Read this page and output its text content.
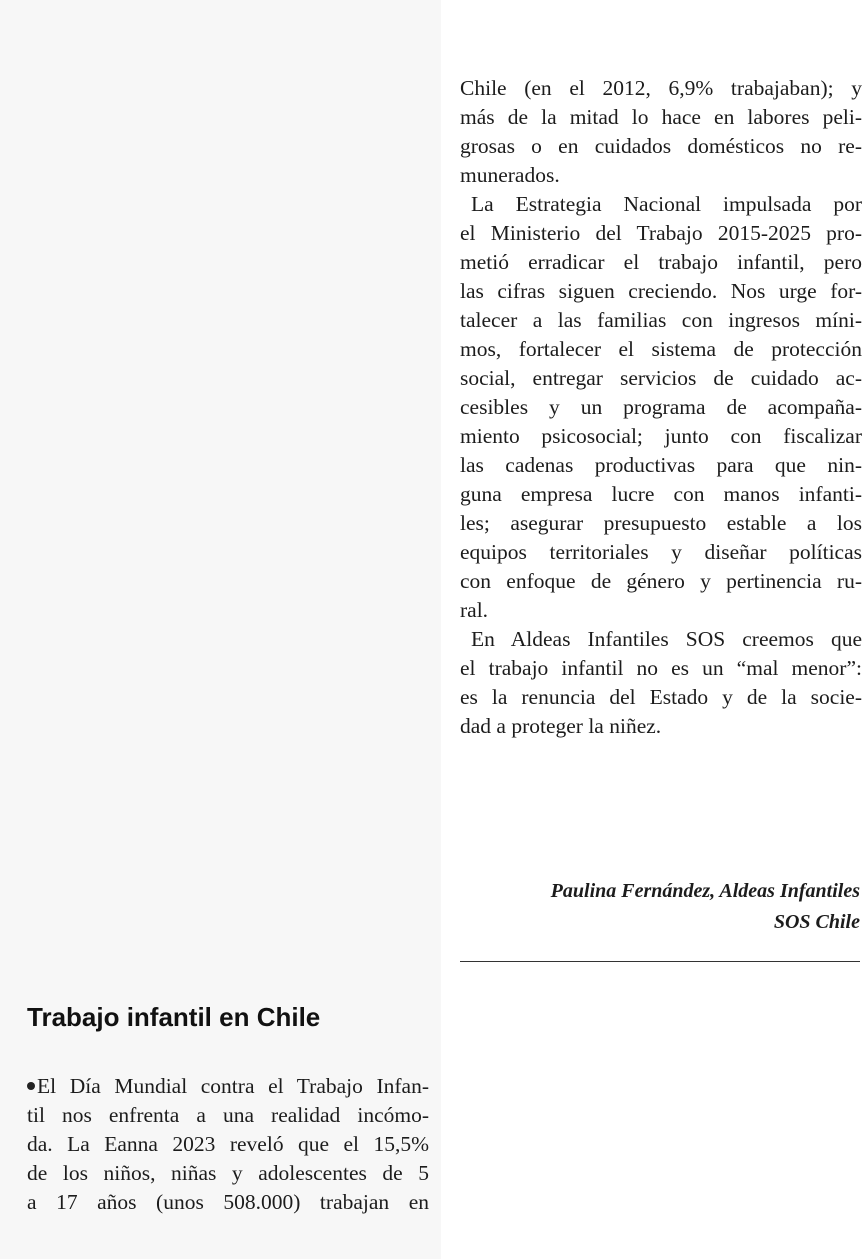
Chile (en el 2012, 6,9% trabajaban); y
más de la mitad lo hace en labores peli-
grosas o en cuidados domésticos no re-
munerados.
La Estrategia Nacional impulsada por
el Ministerio del Trabajo 2015-2025 pro-
metió erradicar el trabajo infantil, pero
las cifras siguen creciendo. Nos urge for-
talecer a las familias con ingresos míni-
mos, fortalecer el sistema de protección
social, entregar servicios de cuidado ac-
cesibles y un programa de acompaña-
miento psicosocial; junto con fiscalizar
las cadenas productivas para que nin-
guna empresa lucre con manos infanti-
les; asegurar presupuesto estable a los
equipos territoriales y diseñar políticas
con enfoque de género y pertinencia ru-
ral.
En Aldeas Infantiles SOS creemos que
el trabajo infantil no es un “mal menor”:
es la renuncia del Estado y de la socie-
dad a proteger la niñez.
Paulina Fernández, Aldeas Infantiles
SOS Chile
Trabajo infantil en Chile
El Día Mundial contra el Trabajo Infan-
til nos enfrenta a una realidad incómo-
da. La Eanna 2023 reveló que el 15,5%
de los niños, niñas y adolescentes de 5
a 17 años (unos 508.000) trabajan en
